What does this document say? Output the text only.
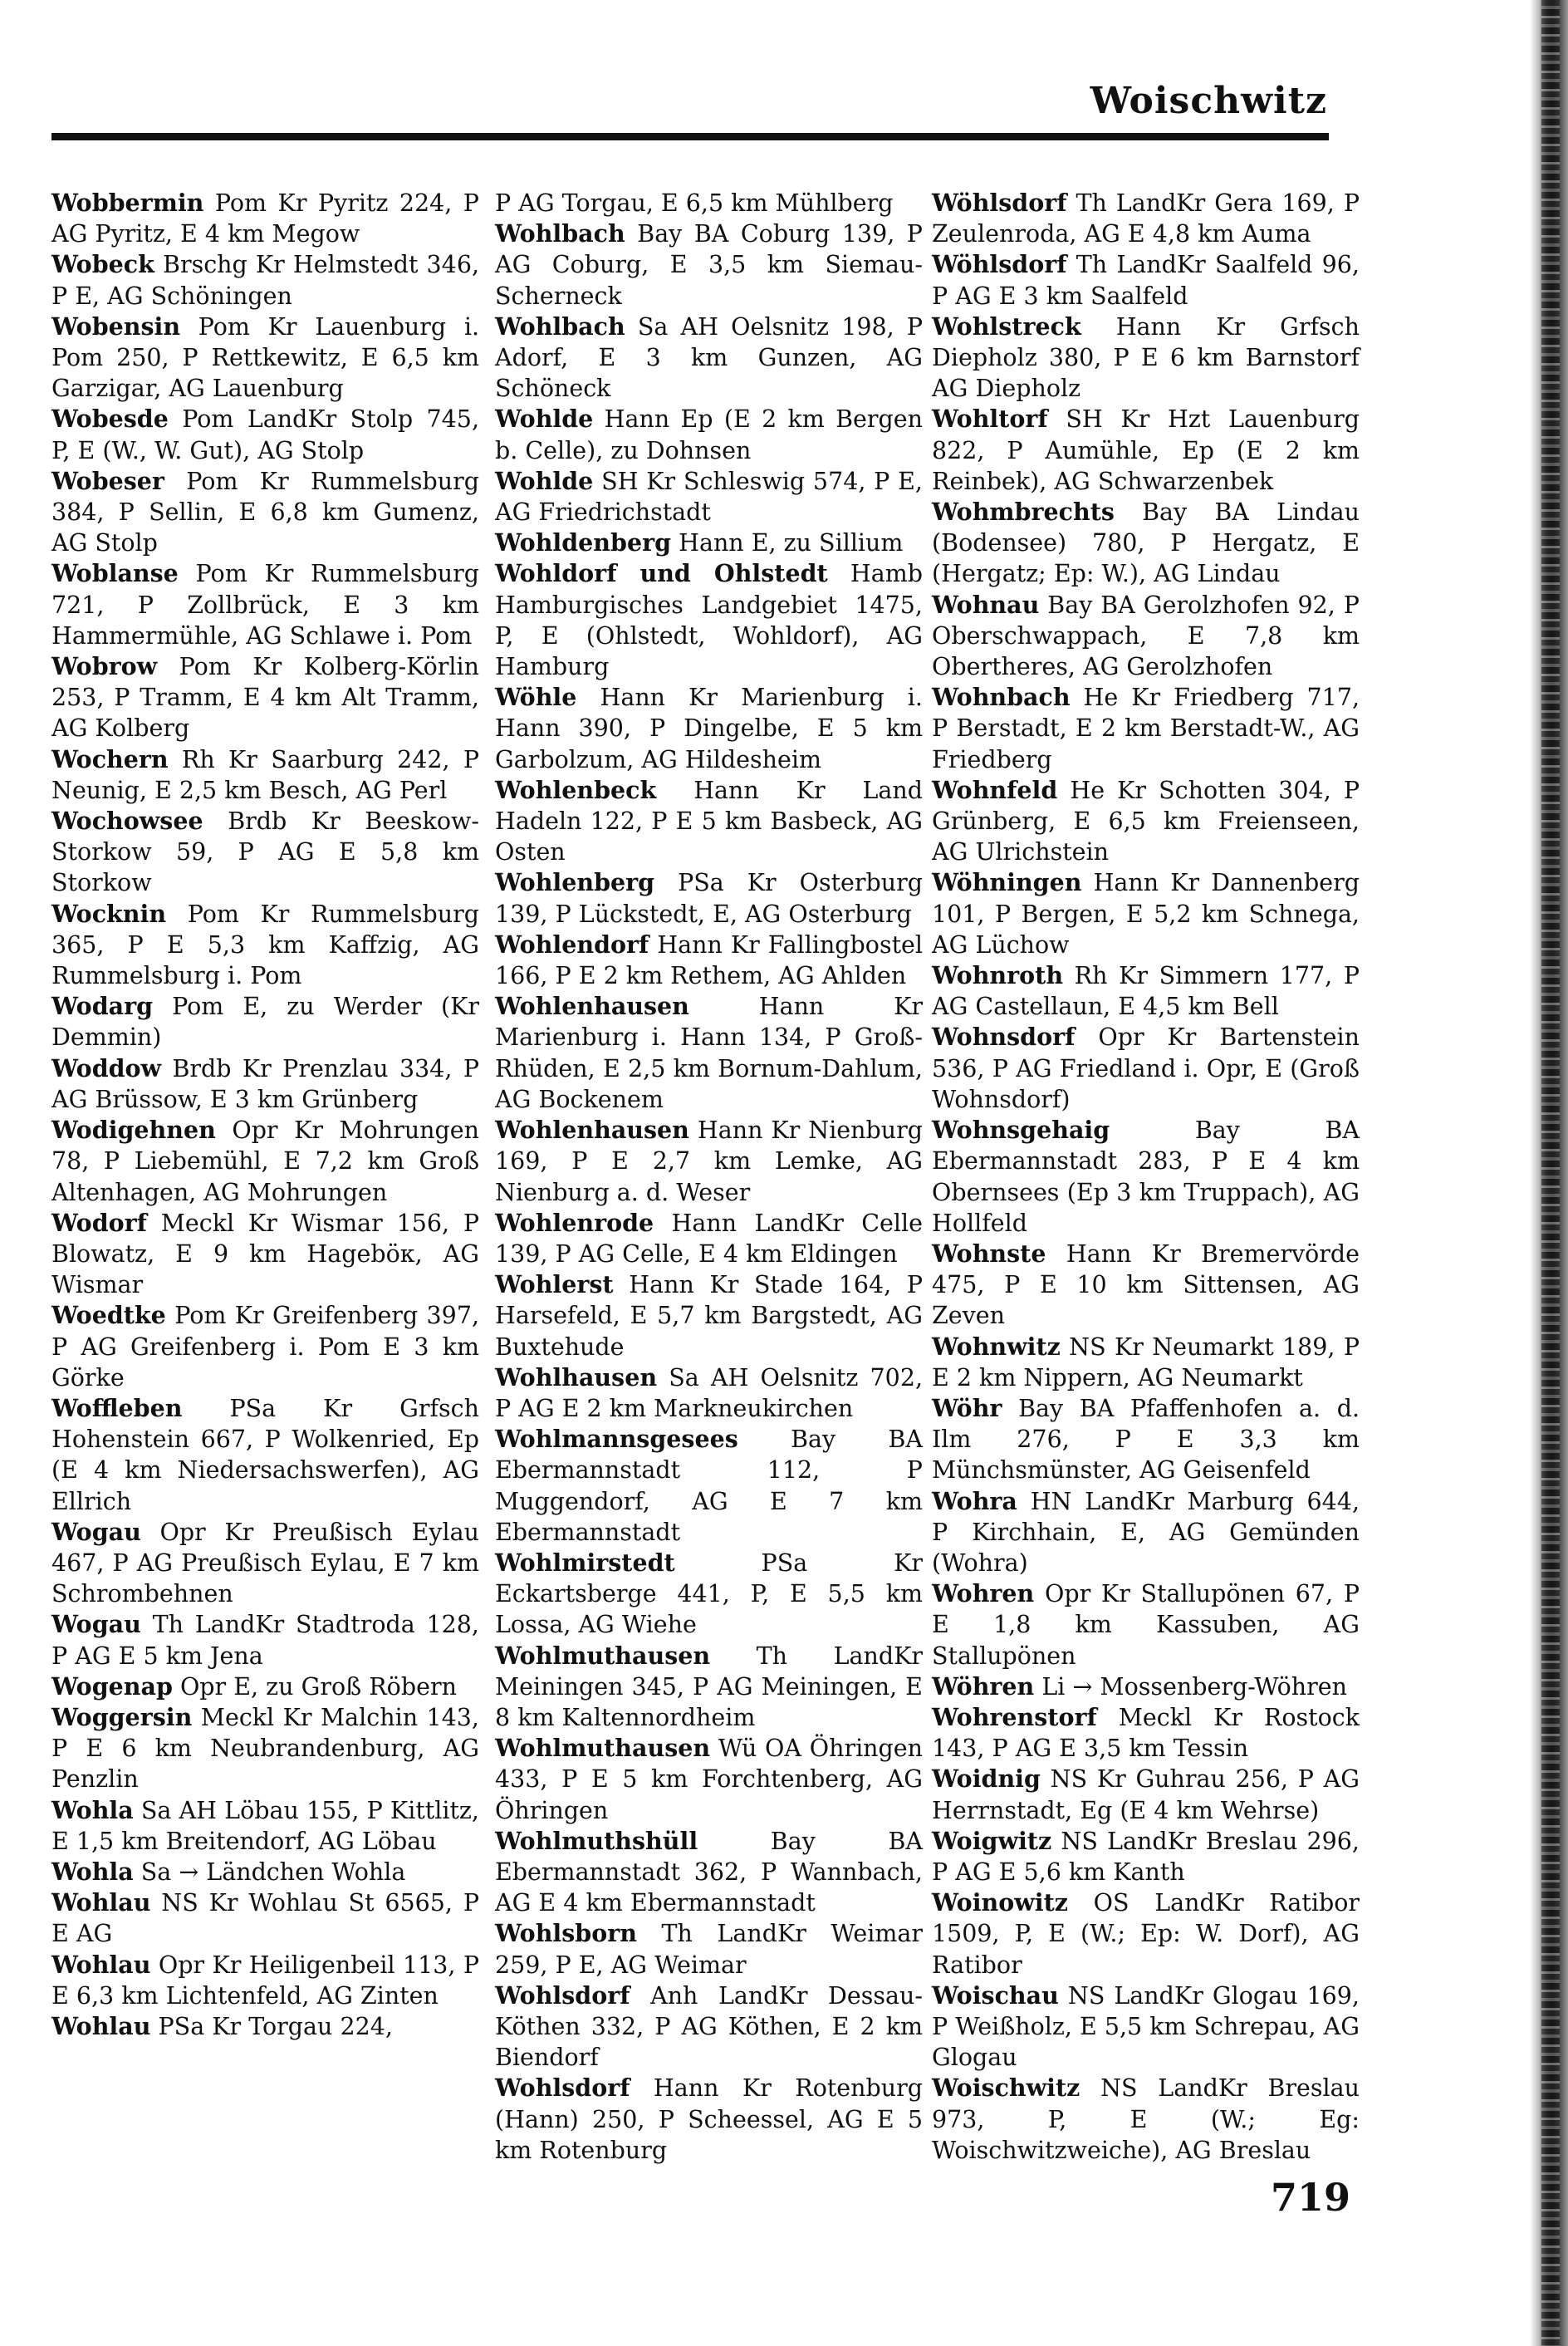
Woischwitz

Wobbermin Pom Kr Pyritz 224, P AG Pyritz, E 4 km Megow

Wobeck Brschg Kr Helmstedt 346, P E, AG Schöningen

Wobensin Pom Kr Lauenburg i. Pom 250, P Rettkewitz, E 6,5 km Garzigar, AG Lauenburg

Wobesde Pom LandKr Stolp 745, P, E (W., W. Gut), AG Stolp

Wobeser Pom Kr Rummelsburg 384, P Sellin, E 6,8 km Gumenz, AG Stolp

Woblanse Pom Kr Rummelsburg 721, P Zollbrück, E 3 km Hammermühle, AG Schlawe i. Pom

Wobrow Pom Kr Kolberg-Körlin 253, P Tramm, E 4 km Alt Tramm, AG Kolberg

Wochern Rh Kr Saarburg 242, P Neunig, E 2,5 km Besch, AG Perl

Wochowsee Brdb Kr Beeskow-Storkow 59, P AG E 5,8 km Storkow

Wocknin Pom Kr Rummelsburg 365, P E 5,3 km Kaffzig, AG Rummelsburg i. Pom

Wodarg Pom E, zu Werder (Kr Demmin)

Woddow Brdb Kr Prenzlau 334, P AG Brüssow, E 3 km Grünberg

Wodigehnen Opr Kr Mohrungen 78, P Liebemühl, E 7,2 km Groß Altenhagen, AG Mohrungen

Wodorf Meckl Kr Wismar 156, P Blowatz, E 9 km Hageböк, AG Wismar

Woedtke Pom Kr Greifenberg 397, P AG Greifenberg i. Pom E 3 km Görke

Woffleben PSa Kr Grfsch Hohenstein 667, P Wolkenried, Ep (E 4 km Niedersachswerfen), AG Ellrich

Wogau Opr Kr Preußisch Eylau 467, P AG Preußisch Eylau, E 7 km Schrombehnen

Wogau Th LandKr Stadtroda 128, P AG E 5 km Jena

Wogenap Opr E, zu Groß Röbern

Woggersin Meckl Kr Malchin 143, P E 6 km Neubrandenburg, AG Penzlin

Wohla Sa AH Löbau 155, P Kittlitz, E 1,5 km Breitendorf, AG Löbau

Wohla Sa → Ländchen Wohla

Wohlau NS Kr Wohlau St 6565, P E AG

Wohlau Opr Kr Heiligenbeil 113, P E 6,3 km Lichtenfeld, AG Zinten

Wohlau PSa Kr Torgau 224,

P AG Torgau, E 6,5 km Mühlberg

Wohlbach Bay BA Coburg 139, P AG Coburg, E 3,5 km Siemau-Scherneck

Wohlbach Sa AH Oelsnitz 198, P Adorf, E 3 km Gunzen, AG Schöneck

Wohlde Hann Ep (E 2 km Bergen b. Celle), zu Dohnsen

Wohlde SH Kr Schleswig 574, P E, AG Friedrichstadt

Wohldenberg Hann E, zu Sillium

Wohldorf und Ohlstedt Hamb Hamburgisches Landgebiet 1475, P, E (Ohlstedt, Wohldorf), AG Hamburg

Wöhle Hann Kr Marienburg i. Hann 390, P Dingelbe, E 5 km Garbolzum, AG Hildesheim

Wohlenbeck Hann Kr Land Hadeln 122, P E 5 km Basbeck, AG Osten

Wohlenberg PSa Kr Osterburg 139, P Lückstedt, E, AG Osterburg

Wohlendorf Hann Kr Fallingbostel 166, P E 2 km Rethem, AG Ahlden

Wohlenhausen	Hann Kr Marienburg i. Hann 134, P Groß-Rhüden, E 2,5 km Bornum-Dahlum, AG Bockenem

Wohlenhausen Hann Kr Nienburg 169, P E 2,7 km Lemke, AG Nienburg a. d. Weser

Wohlenrode Hann LandKr Celle 139, P AG Celle, E 4 km Eldingen

Wohlerst Hann Kr Stade 164, P Harsefeld, E 5,7 km Bargstedt, AG Buxtehude

Wohlhausen Sa AH Oelsnitz 702, P AG E 2 km Markneukirchen

Wohlmannsgesees Bay BA Ebermannstadt 112, P Muggendorf, AG E 7 km Ebermannstadt

Wohlmirstedt	PSa Kr Eckartsberge 441, P, E 5,5 km Lossa, AG Wiehe

Wohlmuthausen Th LandKr Meiningen 345, P AG Meiningen, E 8 km Kaltennordheim

Wohlmuthausen Wü OA Öhringen 433, P E 5 km Forchtenberg, AG Öhringen

Wohlmuthshüll	Bay BA Ebermannstadt 362, P Wannbach, AG E 4 km Ebermannstadt

Wohlsborn Th LandKr Weimar 259, P E, AG Weimar

Wohlsdorf Anh LandKr Dessau-Köthen 332, P AG Köthen, E 2 km Biendorf

Wohlsdorf Hann Kr Rotenburg (Hann) 250, P Scheessel, AG E 5 km Rotenburg

Wöhlsdorf Th LandKr Gera 169, P Zeulenroda, AG E 4,8 km Auma

Wöhlsdorf Th LandKr Saalfeld 96, P AG E 3 km Saalfeld

Wohlstreck Hann Kr Grfsch Diepholz 380, P E 6 km Barnstorf AG Diepholz

Wohltorf SH Kr Hzt Lauenburg 822, P Aumühle, Ep (E 2 km Reinbek), AG Schwarzenbek

Wohmbrechts Bay BA Lindau (Bodensee) 780, P Hergatz, E (Hergatz; Ep: W.), AG Lindau

Wohnau Bay BA Gerolzhofen 92, P Oberschwappach, E 7,8 km Obertheres, AG Gerolzhofen

Wohnbach He Kr Friedberg 717, P Berstadt, E 2 km Berstadt-W., AG Friedberg

Wohnfeld He Kr Schotten 304, P Grünberg, E 6,5 km Freienseen, AG Ulrichstein

Wöhningen Hann Kr Dannenberg 101, P Bergen, E 5,2 km Schnega, AG Lüchow

Wohnroth Rh Kr Simmern 177, P AG Castellaun, E 4,5 km Bell

Wohnsdorf Opr Kr Bartenstein 536, P AG Friedland i. Opr, E (Groß Wohnsdorf)

Wohnsgehaig	Bay BA Ebermannstadt 283, P E 4 km Obernsees (Ep 3 km Truppach), AG Hollfeld

Wohnste Hann Kr Bremervörde 475, P E 10 km Sittensen, AG Zeven

Wohnwitz NS Kr Neumarkt 189, P E 2 km Nippern, AG Neumarkt

Wöhr Bay BA Pfaffenhofen a. d. Ilm 276, P E 3,3 km Münchsmünster, AG Geisenfeld

Wohra HN LandKr Marburg 644, P Kirchhain, E, AG Gemünden (Wohra)

Wohren Opr Kr Stallupönen 67, P E 1,8 km Kassuben, AG Stallupönen

Wöhren Li → Mossenberg-Wöhren

Wohrenstorf Meckl Kr Rostock 143, P AG E 3,5 km Tessin

Woidnig NS Kr Guhrau 256, P AG Herrnstadt, Eg (E 4 km Wehrse)

Woigwitz NS LandKr Breslau 296, P AG E 5,6 km Kanth

Woinowitz OS LandKr Ratibor 1509, P, E (W.; Ep: W. Dorf), AG Ratibor

Woischau NS LandKr Glogau 169, P Weißholz, E 5,5 km Schrepau, AG Glogau

Woischwitz NS LandKr Breslau 973, P, E (W.; Eg: Woischwitzweiche), AG Breslau

719
